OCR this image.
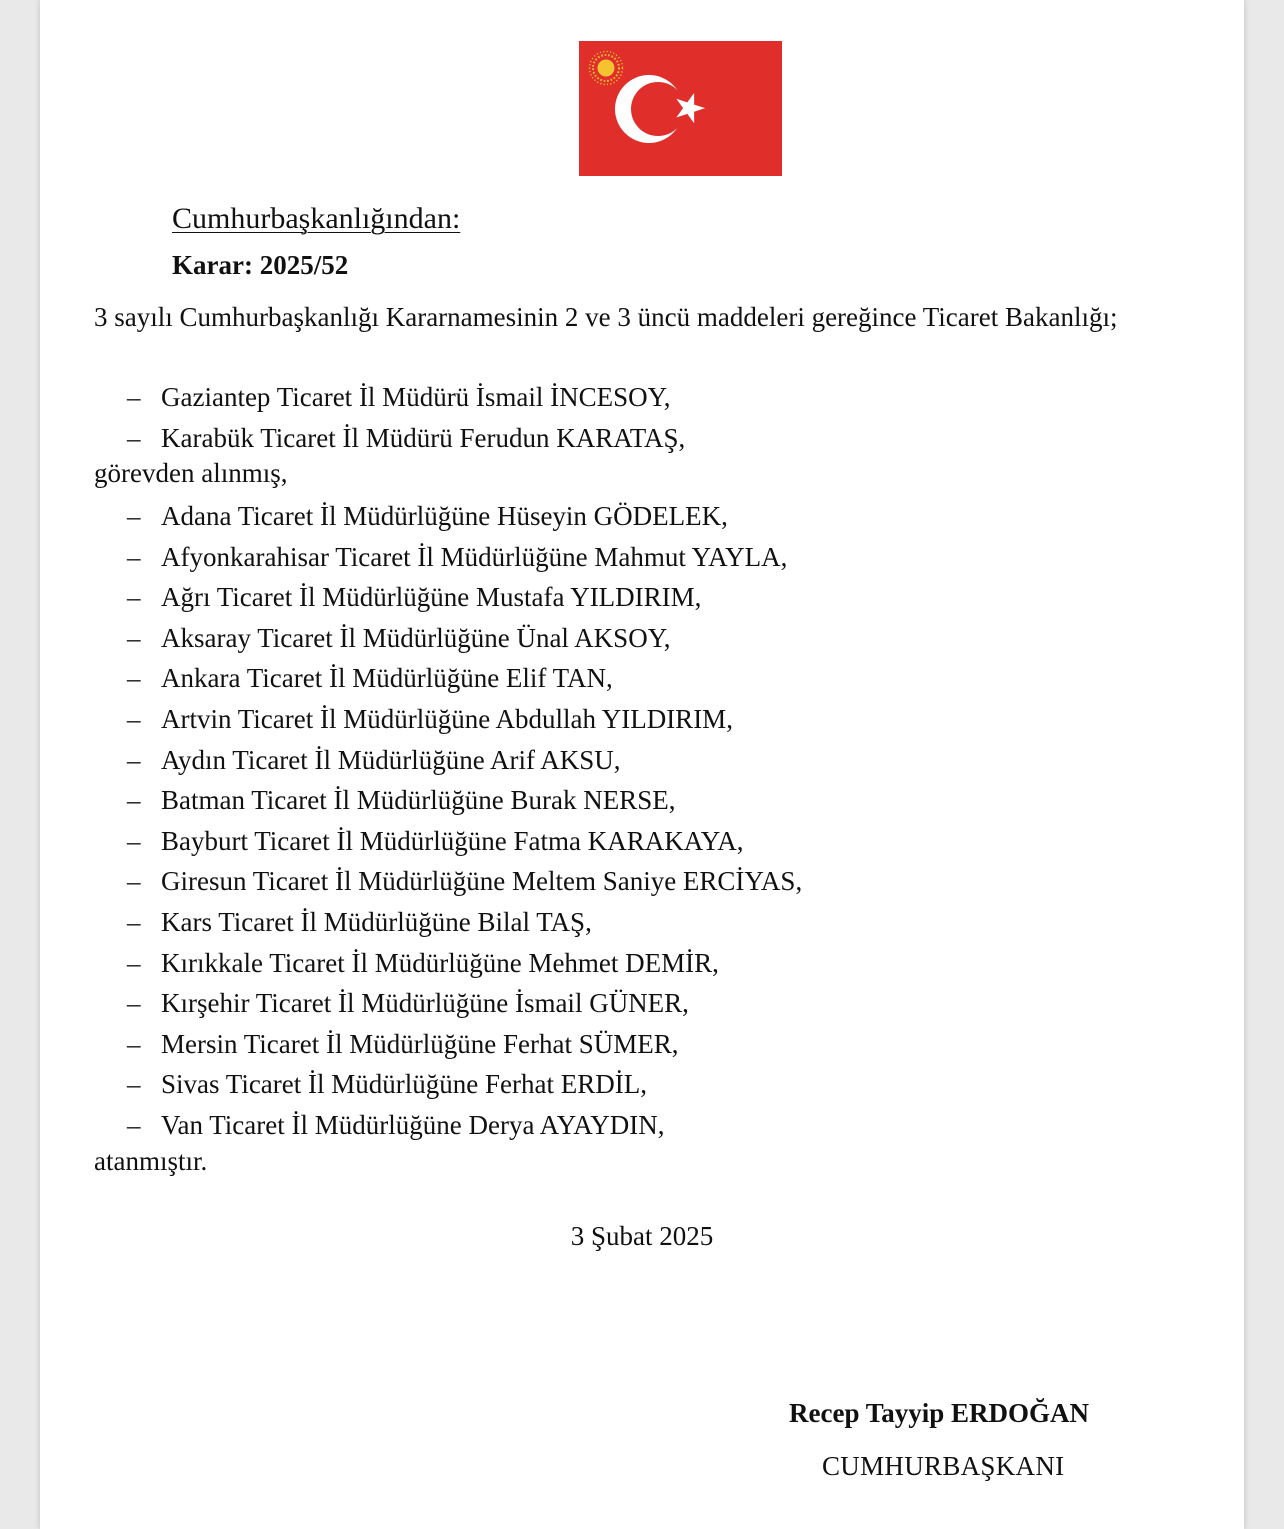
Cumhurbaşkanlığından:
Karar: 2025/52
3 sayılı Cumhurbaşkanlığı Kararnamesinin 2 ve 3 üncü maddeleri gereğince Ticaret Bakanlığı;
– Gaziantep Ticaret İl Müdürü İsmail İNCESOY,
– Karabük Ticaret İl Müdürü Ferudun KARATAŞ,
görevden alınmış,
– Adana Ticaret İl Müdürlüğüne Hüseyin GÖDELEK,
– Afyonkarahisar Ticaret İl Müdürlüğüne Mahmut YAYLA,
– Ağrı Ticaret İl Müdürlüğüne Mustafa YILDIRIM,
– Aksaray Ticaret İl Müdürlüğüne Ünal AKSOY,
– Ankara Ticaret İl Müdürlüğüne Elif TAN,
– Artvin Ticaret İl Müdürlüğüne Abdullah YILDIRIM,
– Aydın Ticaret İl Müdürlüğüne Arif AKSU,
– Batman Ticaret İl Müdürlüğüne Burak NERSE,
– Bayburt Ticaret İl Müdürlüğüne Fatma KARAKAYA,
– Giresun Ticaret İl Müdürlüğüne Meltem Saniye ERCİYAS,
– Kars Ticaret İl Müdürlüğüne Bilal TAŞ,
– Kırıkkale Ticaret İl Müdürlüğüne Mehmet DEMİR,
– Kırşehir Ticaret İl Müdürlüğüne İsmail GÜNER,
– Mersin Ticaret İl Müdürlüğüne Ferhat SÜMER,
– Sivas Ticaret İl Müdürlüğüne Ferhat ERDİL,
– Van Ticaret İl Müdürlüğüne Derya AYAYDIN,
atanmıştır.
3 Şubat 2025
Recep Tayyip ERDOĞAN
CUMHURBAŞKANI
